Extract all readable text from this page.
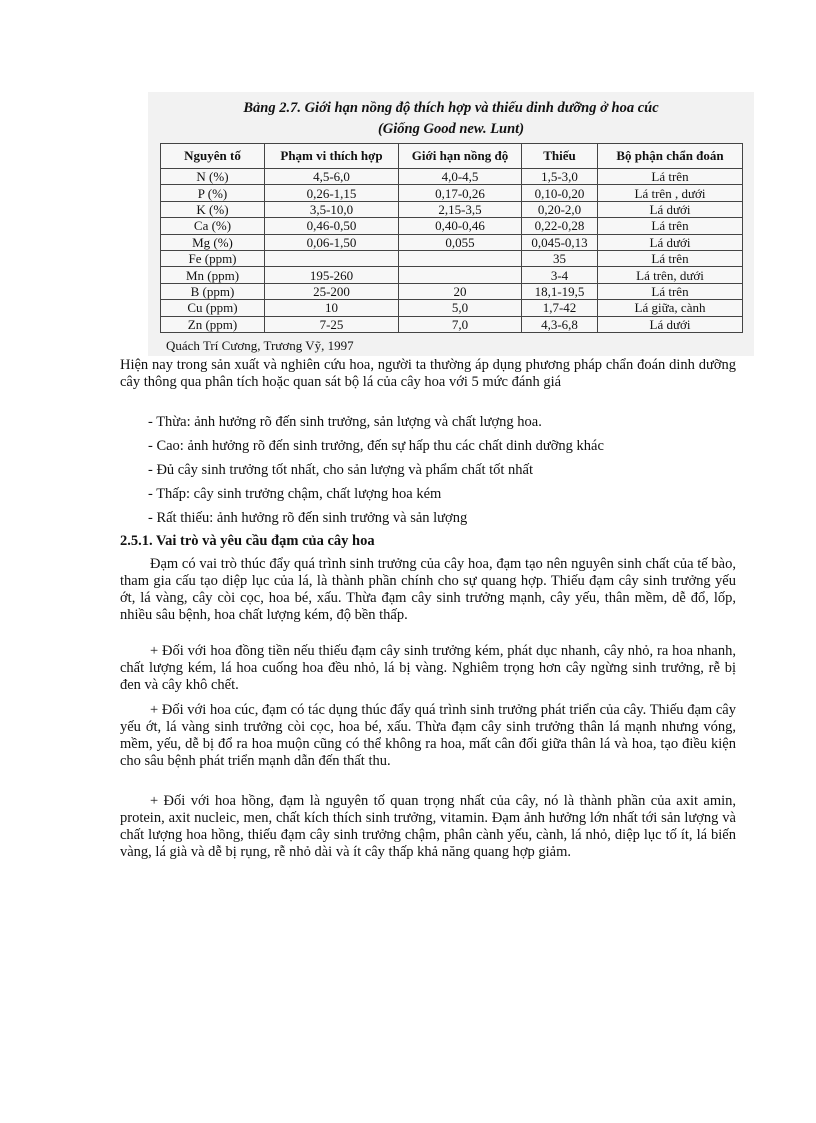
Bảng 2.7. Giới hạn nồng độ thích hợp và thiếu dinh dưỡng ở hoa cúc
(Giống Good new. Lunt)
Nguyên tố	Phạm vi thích hợp	Giới hạn nồng độ	Thiếu	Bộ phận chẩn đoán
N (%)	4,5-6,0	4,0-4,5	1,5-3,0	Lá trên
P (%)	0,26-1,15	0,17-0,26	0,10-0,20	Lá trên , dưới
K (%)	3,5-10,0	2,15-3,5	0,20-2,0	Lá dưới
Ca (%)	0,46-0,50	0,40-0,46	0,22-0,28	Lá trên
Mg (%)	0,06-1,50	0,055	0,045-0,13	Lá dưới
Fe (ppm)			35	Lá trên
Mn (ppm)	195-260		3-4	Lá trên, dưới
B (ppm)	25-200	20	18,1-19,5	Lá trên
Cu (ppm)	10	5,0	1,7-42	Lá giữa, cành
Zn (ppm)	7-25	7,0	4,3-6,8	Lá dưới
Quách Trí Cương, Trương Vỹ, 1997

Hiện nay trong sản xuất và nghiên cứu hoa, người ta thường áp dụng phương pháp chẩn đoán dinh dưỡng cây thông qua phân tích hoặc quan sát bộ lá của cây hoa với 5 mức đánh giá

- Thừa: ảnh hưởng rõ đến sinh trưởng, sản lượng và chất lượng hoa.
- Cao: ảnh hưởng rõ đến sinh trưởng, đến sự hấp thu các chất dinh dưỡng khác
- Đủ cây sinh trưởng tốt nhất, cho sản lượng và phẩm chất tốt nhất
- Thấp: cây sinh trưởng chậm, chất lượng hoa kém
- Rất thiếu: ảnh hưởng rõ đến sinh trưởng và sản lượng
2.5.1. Vai trò và yêu cầu đạm của cây hoa

Đạm có vai trò thúc đẩy quá trình sinh trưởng của cây hoa, đạm tạo nên nguyên sinh chất của tế bào, tham gia cấu tạo diệp lục của lá, là thành phần chính cho sự quang hợp. Thiếu đạm cây sinh trưởng yếu ớt, lá vàng, cây còi cọc, hoa bé, xấu. Thừa đạm cây sinh trưởng mạnh, cây yếu, thân mềm, dễ đổ, lốp, nhiều sâu bệnh, hoa chất lượng kém, độ bền thấp.

+ Đối với hoa đồng tiền nếu thiếu đạm cây sinh trưởng kém, phát dục nhanh, cây nhỏ, ra hoa nhanh, chất lượng kém, lá hoa cuống hoa đều nhỏ, lá bị vàng. Nghiêm trọng hơn cây ngừng sinh trưởng, rễ bị đen và cây khô chết.

+ Đối với hoa cúc, đạm có tác dụng thúc đẩy quá trình sinh trưởng phát triển của cây. Thiếu đạm cây yếu ớt, lá vàng sinh trưởng còi cọc, hoa bé, xấu. Thừa đạm cây sinh trưởng thân lá mạnh nhưng vóng, mềm, yếu, dễ bị đổ ra hoa muộn cũng có thể không ra hoa, mất cân đối giữa thân lá và hoa, tạo điều kiện cho sâu bệnh phát triển mạnh dẫn đến thất thu.

+ Đối với hoa hồng, đạm là nguyên tố quan trọng nhất của cây, nó là thành phần của axit amin, protein, axit nucleic, men, chất kích thích sinh trưởng, vitamin. Đạm ảnh hưởng lớn nhất tới sản lượng và chất lượng hoa hồng, thiếu đạm cây sinh trưởng chậm, phân cành yếu, cành, lá nhỏ, diệp lục tố ít, lá biến vàng, lá già và dễ bị rụng, rễ nhỏ dài và ít cây thấp khả năng quang hợp giảm.
